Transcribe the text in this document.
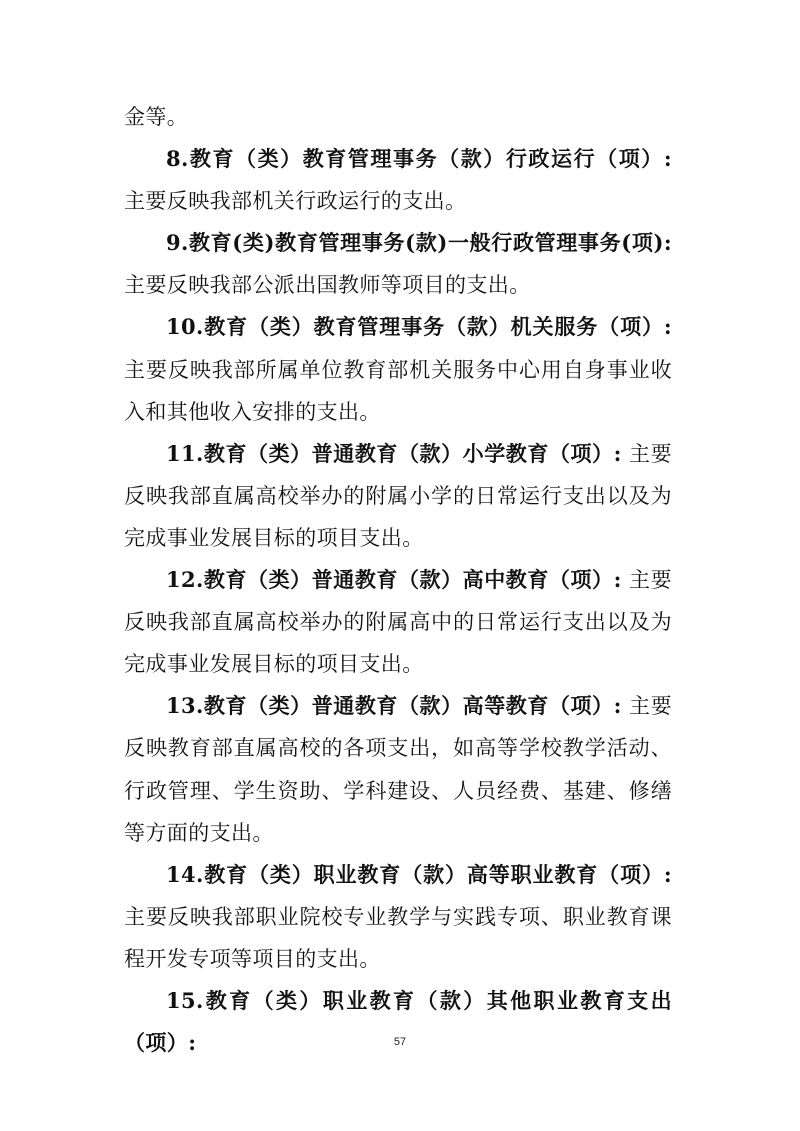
金等。

8.教育（类）教育管理事务（款）行政运行（项）: 主要反映我部机关行政运行的支出。

9.教育(类)教育管理事务(款)一般行政管理事务(项): 主要反映我部公派出国教师等项目的支出。

10.教育（类）教育管理事务（款）机关服务（项）: 主要反映我部所属单位教育部机关服务中心用自身事业收入和其他收入安排的支出。

11.教育（类）普通教育（款）小学教育（项）: 主要反映我部直属高校举办的附属小学的日常运行支出以及为完成事业发展目标的项目支出。

12.教育（类）普通教育（款）高中教育（项）: 主要反映我部直属高校举办的附属高中的日常运行支出以及为完成事业发展目标的项目支出。

13.教育（类）普通教育（款）高等教育（项）: 主要反映教育部直属高校的各项支出，如高等学校教学活动、行政管理、学生资助、学科建设、人员经费、基建、修缮等方面的支出。

14.教育（类）职业教育（款）高等职业教育（项）: 主要反映我部职业院校专业教学与实践专项、职业教育课程开发专项等项目的支出。

15.教育（类）职业教育（款）其他职业教育支出（项）:	57
